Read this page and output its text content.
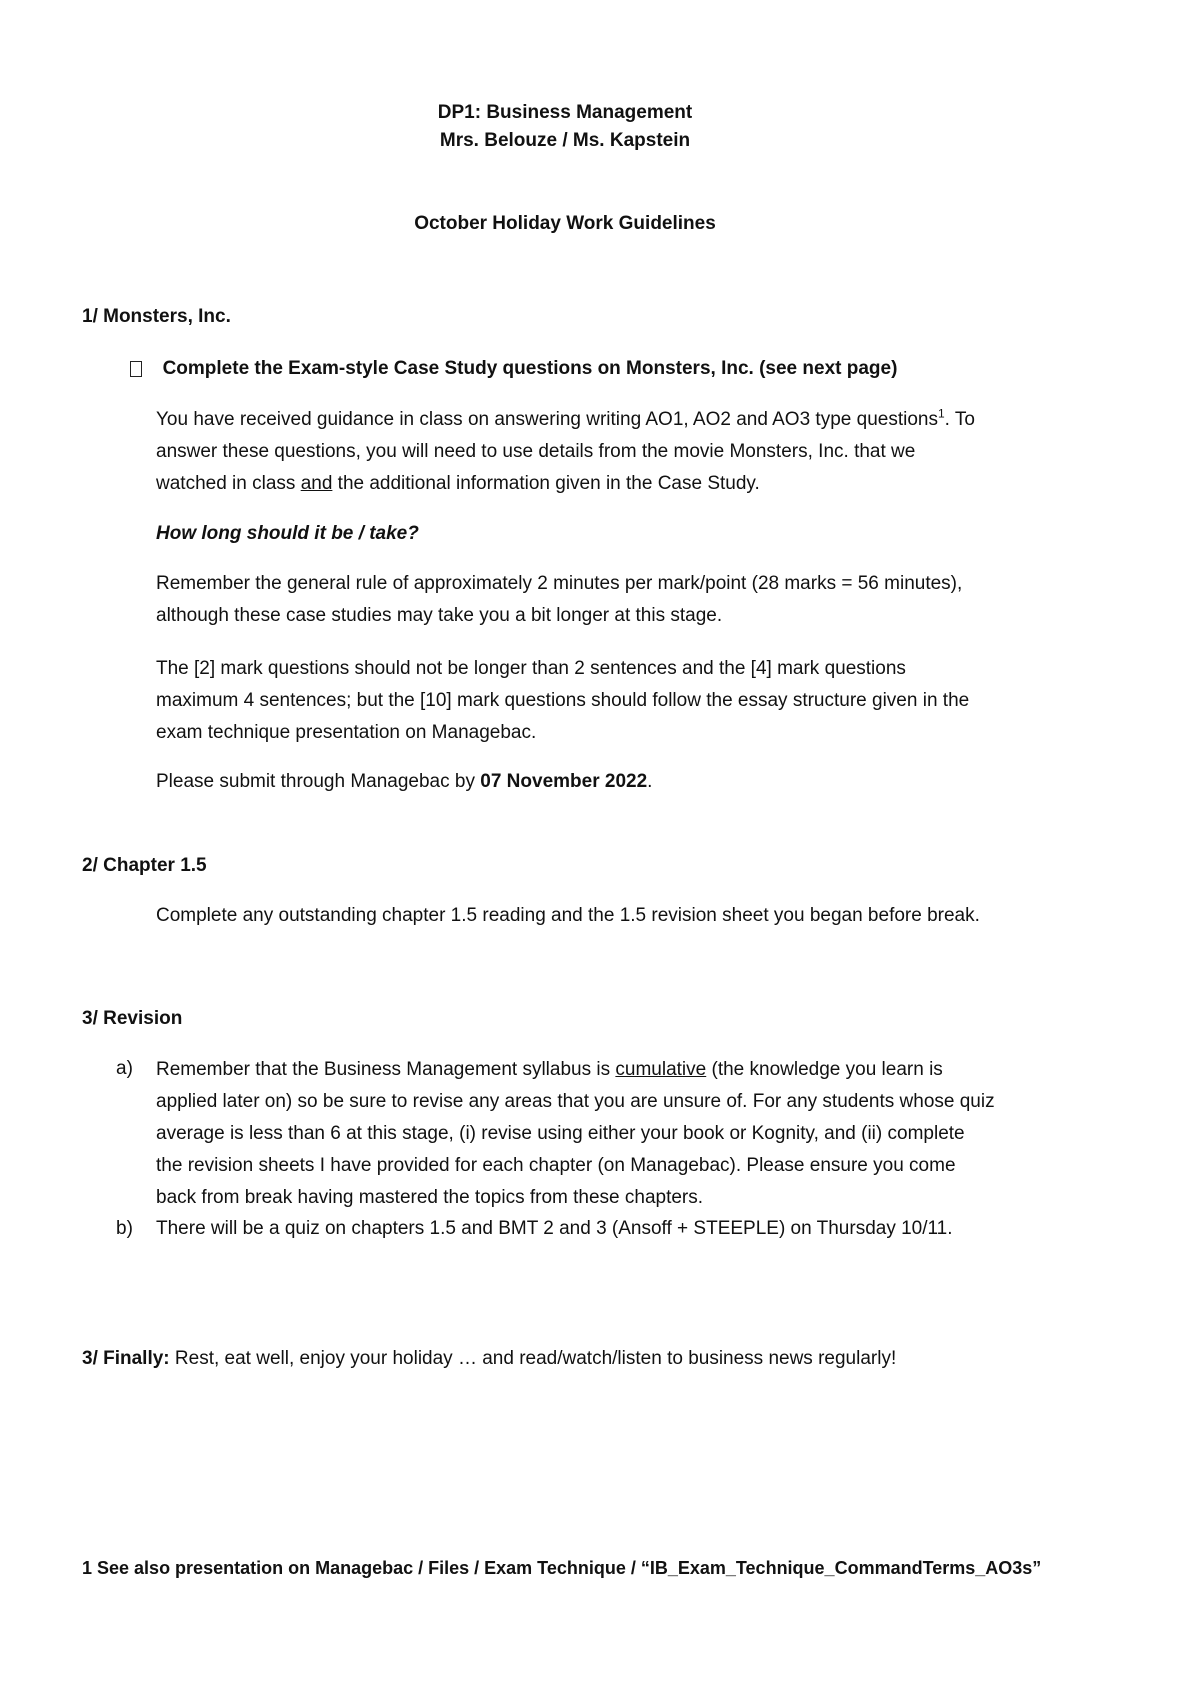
DP1: Business Management
Mrs. Belouze / Ms. Kapstein
October Holiday Work Guidelines
1/ Monsters, Inc.
Complete the Exam-style Case Study questions on Monsters, Inc. (see next page)
You have received guidance in class on answering writing AO1, AO2 and AO3 type questions$^1$. To
answer these questions, you will need to use details from the movie Monsters, Inc. that we
watched in class and the additional information given in the Case Study.
How long should it be / take?
Remember the general rule of approximately 2 minutes per mark/point (28 marks = 56 minutes),
although these case studies may take you a bit longer at this stage.
The [2] mark questions should not be longer than 2 sentences and the [4] mark questions
maximum 4 sentences; but the [10] mark questions should follow the essay structure given in the
exam technique presentation on Managebac.
Please submit through Managebac by 07 November 2022.
2/ Chapter 1.5
Complete any outstanding chapter 1.5 reading and the 1.5 revision sheet you began before break.
3/ Revision
a) Remember that the Business Management syllabus is cumulative (the knowledge you learn is
applied later on) so be sure to revise any areas that you are unsure of. For any students whose quiz
average is less than 6 at this stage, (i) revise using either your book or Kognity, and (ii) complete
the revision sheets I have provided for each chapter (on Managebac). Please ensure you come
back from break having mastered the topics from these chapters.
b) There will be a quiz on chapters 1.5 and BMT 2 and 3 (Ansoff + STEEPLE) on Thursday 10/11.
3/ Finally: Rest, eat well, enjoy your holiday … and read/watch/listen to business news regularly!
1 See also presentation on Managebac / Files / Exam Technique / “IB_Exam_Technique_CommandTerms_AO3s”
